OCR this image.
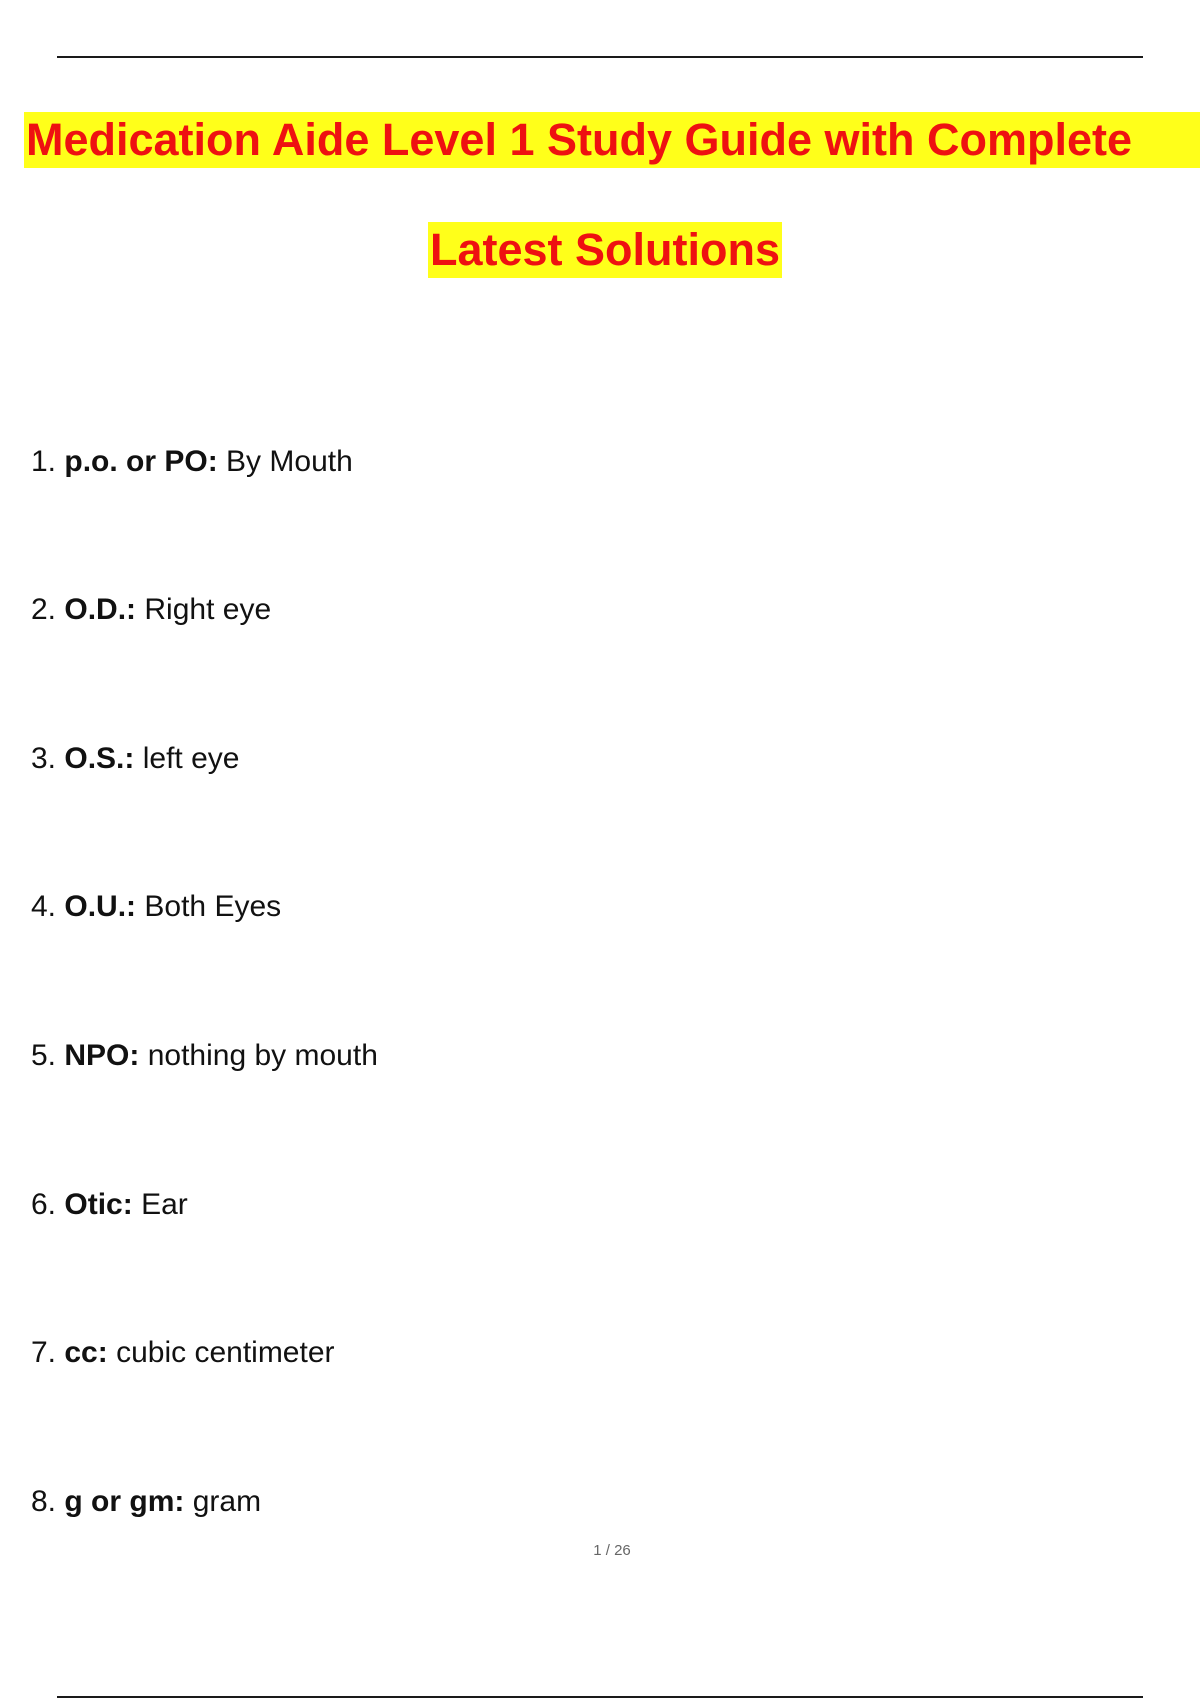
Medication Aide Level 1 Study Guide with Complete
Latest Solutions
1. p.o. or PO: By Mouth
2. O.D.: Right eye
3. O.S.: left eye
4. O.U.: Both Eyes
5. NPO: nothing by mouth
6. Otic: Ear
7. cc: cubic centimeter
8. g or gm: gram
1 / 26
